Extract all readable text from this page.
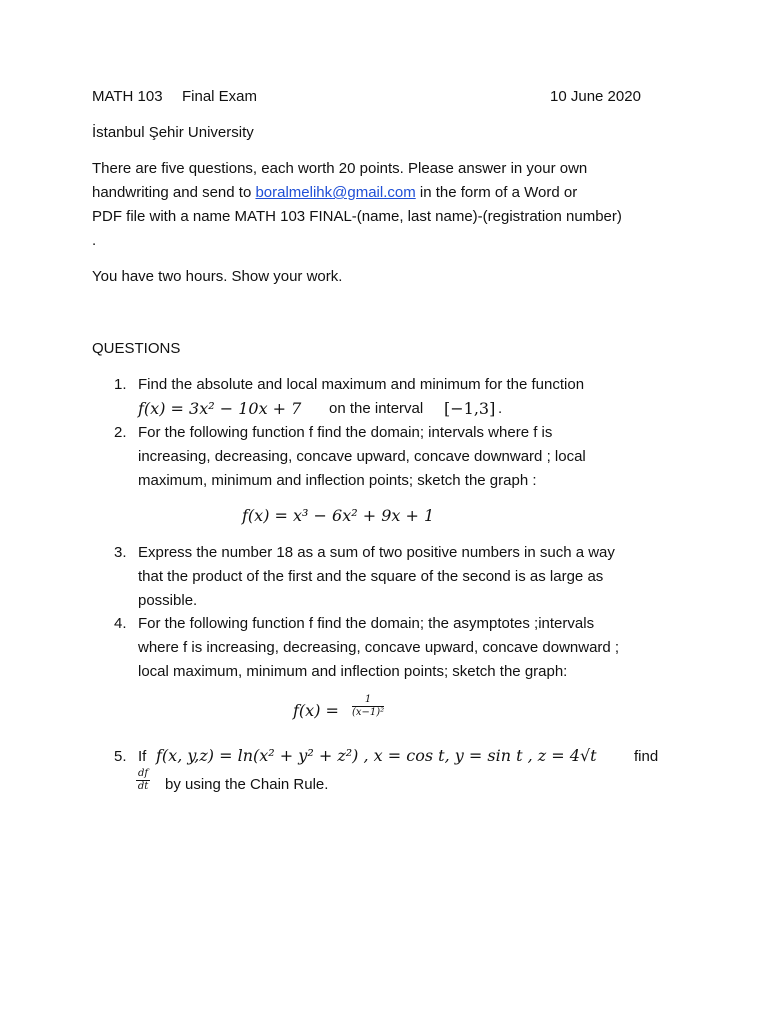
MATH 103 Final Exam	10 June 2020
İstanbul Şehir University
There are five questions, each worth 20 points. Please answer in your own
handwriting and send to boralmelihk@gmail.com in the form of a Word or
PDF file with a name MATH 103 FINAL-(name, last name)-(registration number)
.
You have two hours. Show your work.
QUESTIONS
1. Find the absolute and local maximum and minimum for the function
f(x) = 3x² − 10x + 7 on the interval [−1,3] .
2. For the following function f find the domain; intervals where f is
increasing, decreasing, concave upward, concave downward ; local
maximum, minimum and inflection points; sketch the graph :
f(x) = x³ − 6x² + 9x + 1
3. Express the number 18 as a sum of two positive numbers in such a way
that the product of the first and the square of the second is as large as
possible.
4. For the following function f find the domain; the asymptotes ;intervals
where f is increasing, decreasing, concave upward, concave downward ;
local maximum, minimum and inflection points; sketch the graph:
$f(x) = \frac{1}{\text{(x−1)²}}$
5. If f(x, y,z) = ln(x² + y² + z²) , x = cos t, y = sin t , z = 4√t find
$\frac{df}{dt}$ by using the Chain Rule.
